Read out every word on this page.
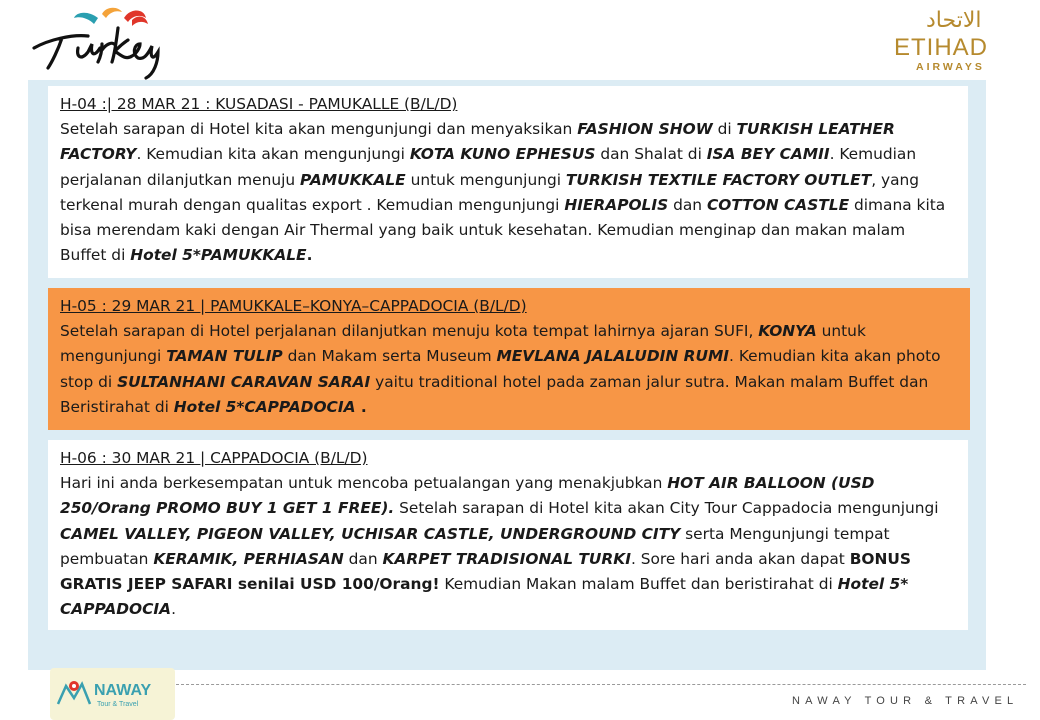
الاتحاد
ETIHAD
AIRWAYS

H-04 :| 28 MAR 21 : KUSADASI - PAMUKALLE (B/L/D)

Setelah sarapan di Hotel kita akan mengunjungi dan menyaksikan FASHION SHOW di TURKISH LEATHER FACTORY. Kemudian kita akan mengunjungi KOTA KUNO EPHESUS dan Shalat di ISA BEY CAMII. Kemudian perjalanan dilanjutkan menuju PAMUKKALE untuk mengunjungi TURKISH TEXTILE FACTORY OUTLET, yang terkenal murah dengan qualitas export . Kemudian mengunjungi HIERAPOLIS dan COTTON CASTLE dimana kita bisa merendam kaki dengan Air Thermal yang baik untuk kesehatan. Kemudian menginap dan makan malam Buffet di Hotel 5*PAMUKKALE.

H-05 : 29 MAR 21 | PAMUKKALE–KONYA–CAPPADOCIA (B/L/D)

Setelah sarapan di Hotel perjalanan dilanjutkan menuju kota tempat lahirnya ajaran SUFI, KONYA untuk mengunjungi TAMAN TULIP dan Makam serta Museum MEVLANA JALALUDIN RUMI. Kemudian kita akan photo stop di SULTANHANI CARAVAN SARAI yaitu traditional hotel pada zaman jalur sutra. Makan malam Buffet dan Beristirahat di Hotel 5*CAPPADOCIA .

H-06 : 30 MAR 21 | CAPPADOCIA (B/L/D)

Hari ini anda berkesempatan untuk mencoba petualangan yang menakjubkan HOT AIR BALLOON (USD 250/Orang PROMO BUY 1 GET 1 FREE). Setelah sarapan di Hotel kita akan City Tour Cappadocia mengunjungi CAMEL VALLEY, PIGEON VALLEY, UCHISAR CASTLE, UNDERGROUND CITY serta Mengunjungi tempat pembuatan KERAMIK, PERHIASAN dan KARPET TRADISIONAL TURKI. Sore hari anda akan dapat BONUS GRATIS JEEP SAFARI senilai USD 100/Orang! Kemudian Makan malam Buffet dan beristirahat di Hotel 5* CAPPADOCIA.

NAWAY
Tour & Travel	NAWAY TOUR & TRAVEL
